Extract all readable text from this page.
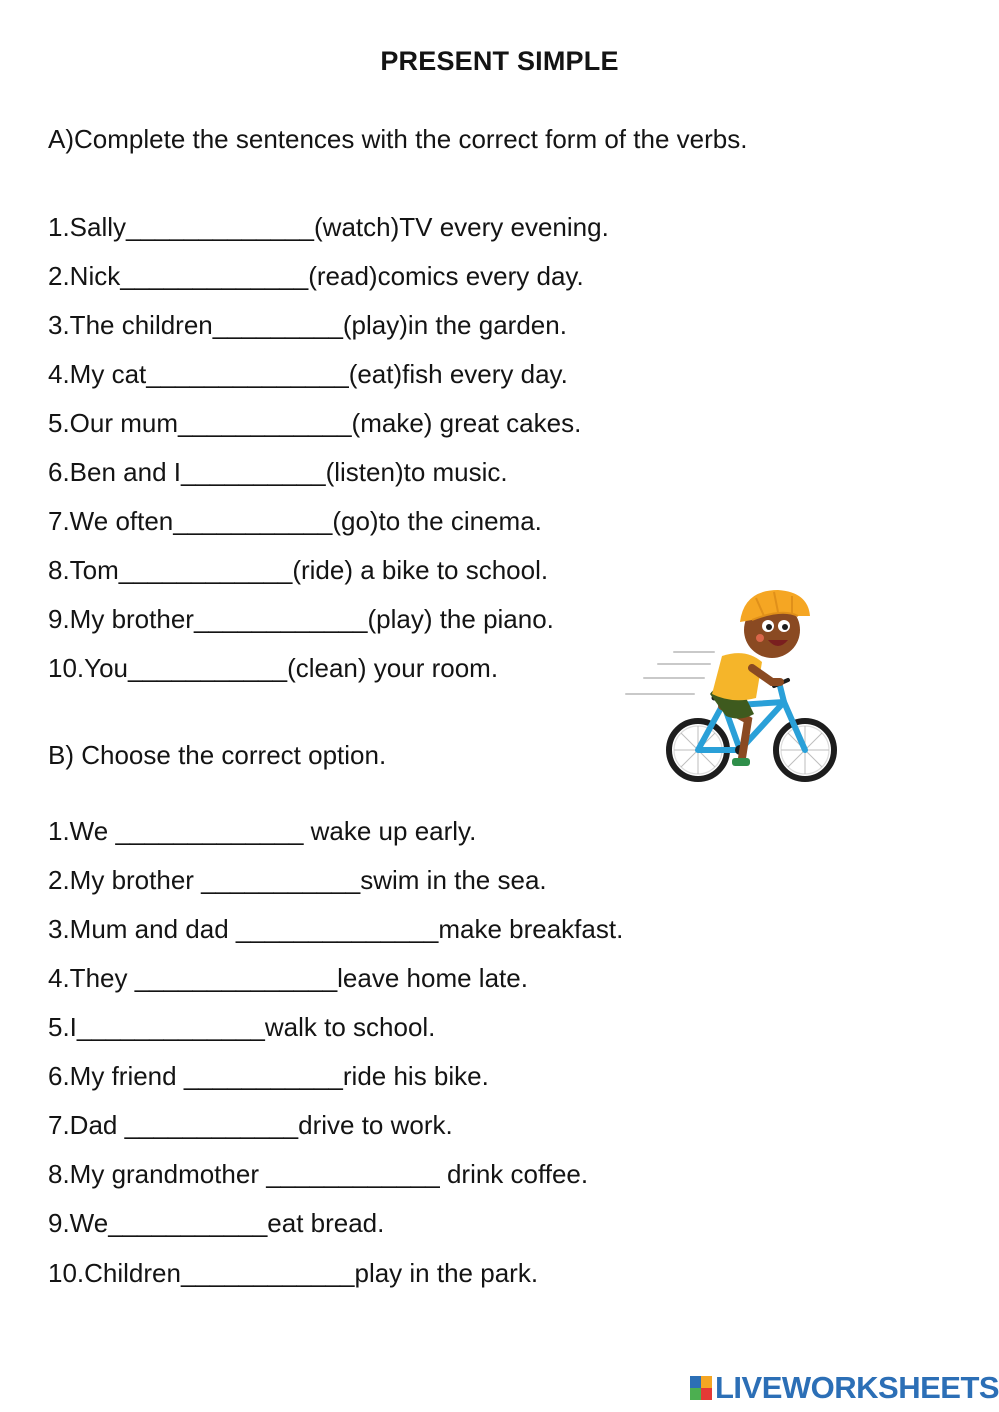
PRESENT SIMPLE
A)Complete the sentences with the correct form of the verbs.
1.Sally_____________(watch)TV every evening.
2.Nick_____________(read)comics every day.
3.The children_________(play)in the garden.
4.My cat______________(eat)fish every day.
5.Our mum____________(make) great cakes.
6.Ben and I__________(listen)to music.
7.We often___________(go)to the cinema.
8.Tom____________(ride) a bike to school.
9.My brother____________(play) the piano.
10.You___________(clean) your room.
B) Choose the correct option.
1.We _____________ wake up early.
2.My brother ___________swim in the sea.
3.Mum and dad ______________make breakfast.
4.They ______________leave home late.
5.I_____________walk to school.
6.My friend ___________ride his bike.
7.Dad ____________drive to work.
8.My grandmother ____________ drink coffee.
9.We___________eat bread.
10.Children____________play in the park.
LIVEWORKSHEETS
